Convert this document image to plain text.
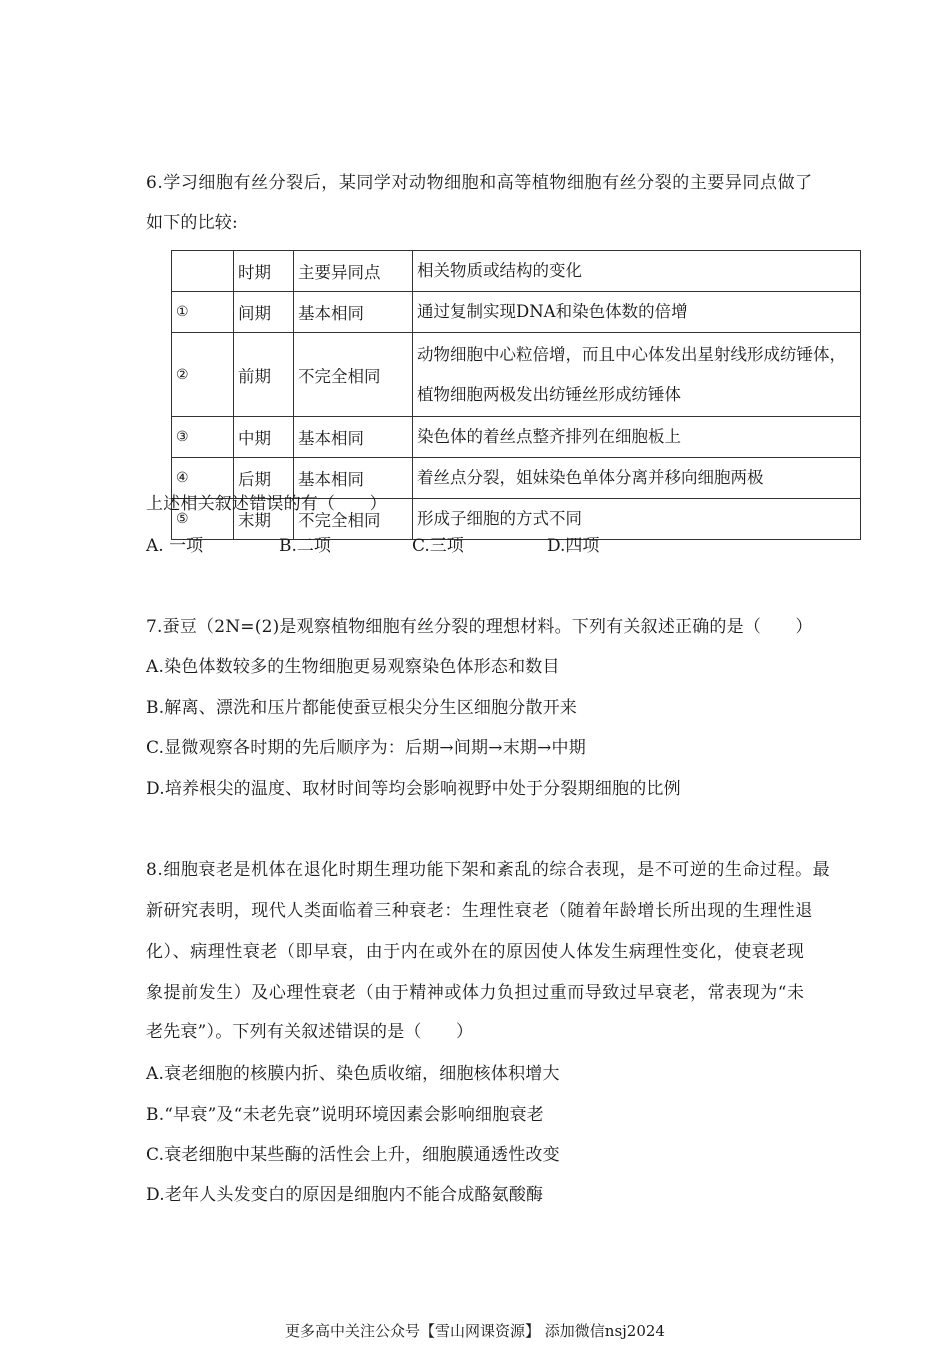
6.学习细胞有丝分裂后，某同学对动物细胞和高等植物细胞有丝分裂的主要异同点做了
如下的比较:
	时期	主要异同点	相关物质或结构的变化
①	间期	基本相同	通过复制实现DNA和染色体数的倍增
②	前期	不完全相同	动物细胞中心粒倍增，而且中心体发出星射线形成纺锤体，植物细胞两极发出纺锤丝形成纺锤体
③	中期	基本相同	染色体的着丝点整齐排列在细胞板上
④	后期	基本相同	着丝点分裂，姐妹染色单体分离并移向细胞两极
⑤	末期	不完全相同	形成子细胞的方式不同
上述相关叙述错误的有（　　）
A. 一项	B.二项	C.三项	D.四项
7.蚕豆（2N=(2)是观察植物细胞有丝分裂的理想材料。下列有关叙述正确的是（　　）
A.染色体数较多的生物细胞更易观察染色体形态和数目
B.解离、漂洗和压片都能使蚕豆根尖分生区细胞分散开来
C.显微观察各时期的先后顺序为：后期→间期→末期→中期
D.培养根尖的温度、取材时间等均会影响视野中处于分裂期细胞的比例
8.细胞衰老是机体在退化时期生理功能下架和紊乱的综合表现，是不可逆的生命过程。最
新研究表明，现代人类面临着三种衰老：生理性衰老（随着年龄增长所出现的生理性退
化）、病理性衰老（即早衰，由于内在或外在的原因使人体发生病理性变化，使衰老现
象提前发生）及心理性衰老（由于精神或体力负担过重而导致过早衰老，常表现为“未
老先衰”）。下列有关叙述错误的是（　　）
A.衰老细胞的核膜内折、染色质收缩，细胞核体积增大
B.“早衰”及“未老先衰”说明环境因素会影响细胞衰老
C.衰老细胞中某些酶的活性会上升，细胞膜通透性改变
D.老年人头发变白的原因是细胞内不能合成酪氨酸酶
更多高中关注公众号【雪山网课资源】 添加微信nsj2024
